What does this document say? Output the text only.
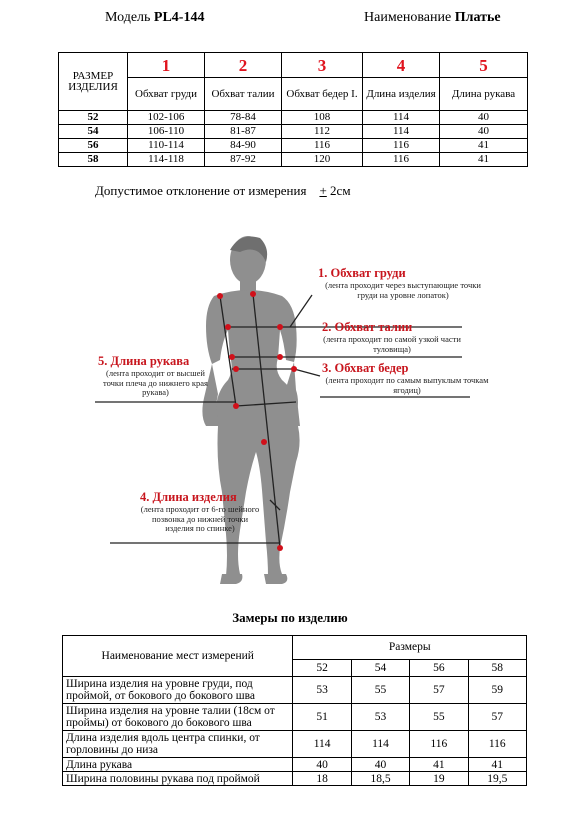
Модель PL4-144	Наименование Платье
РАЗМЕР ИЗДЕЛИЯ	1	2	3	4	5
	Обхват груди	Обхват талии	Обхват бедер I.	Длина изделия	Длина рукава
52	102-106	78-84	108	114	40
54	106-110	81-87	112	114	40
56	110-114	84-90	116	116	41
58	114-118	87-92	120	116	41
Допустимое отклонение от измерения + 2см
1. Обхват груди
(лента проходит через выступающие точки груди на уровне лопаток)
2. Обхват талии
(лента проходит по самой узкой части туловища)
3. Обхват бедер
(лента проходит по самым выпуклым точкам ягодиц)
5. Длина рукава
(лента проходит от высшей точки плеча до нижнего края рукава)
4. Длина изделия
(лента проходит от 6-го шейного позвонка до нижней точки изделия по спинке)
Замеры по изделию
Наименование мест измерений	Размеры			
	52	54	56	58
Ширина изделия на уровне груди, под проймой, от бокового до бокового шва	53	55	57	59
Ширина изделия на уровне талии (18см от проймы) от бокового до бокового шва	51	53	55	57
Длина изделия вдоль центра спинки, от горловины до низа	114	114	116	116
Длина рукава	40	40	41	41
Ширина половины рукава под проймой	18	18,5	19	19,5
